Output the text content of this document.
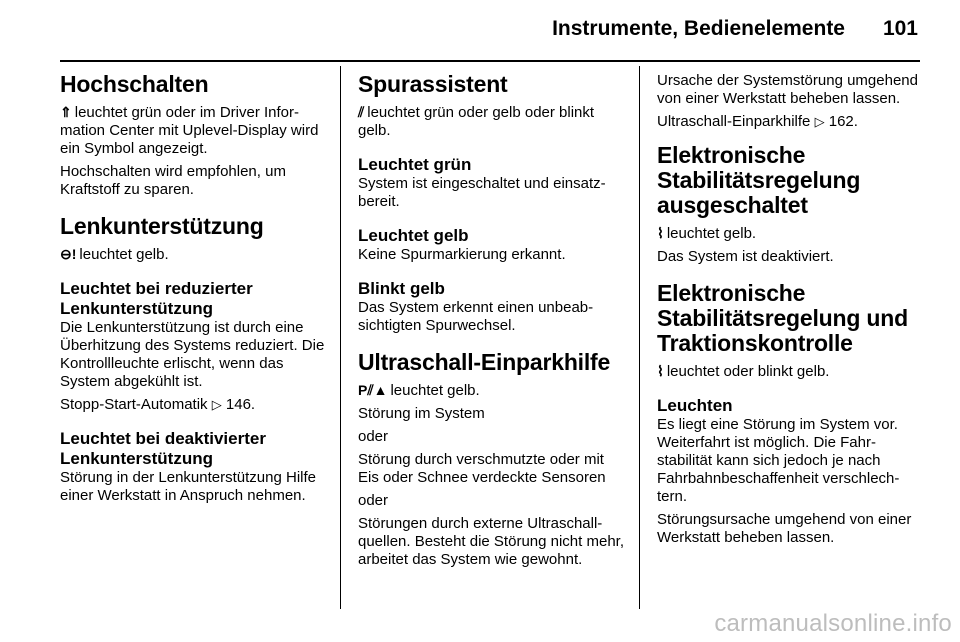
Instrumente, Bedienelemente 101
Hochschalten

⇑ leuchtet grün oder im Driver Information Center mit Uplevel-Display wird ein Symbol angezeigt.

Hochschalten wird empfohlen, um Kraftstoff zu sparen.

Lenkunterstützung

⊖! leuchtet gelb.

Leuchtet bei reduzierter Lenkunterstützung

Die Lenkunterstützung ist durch eine Überhitzung des Systems reduziert. Die Kontrollleuchte erlischt, wenn das System abgekühlt ist.

Stopp-Start-Automatik ▷ 146.

Leuchtet bei deaktivierter Lenkunterstützung

Störung in der Lenkunterstützung Hilfe einer Werkstatt in Anspruch nehmen.

Spurassistent

⫽ leuchtet grün oder gelb oder blinkt gelb.

Leuchtet grün

System ist eingeschaltet und einsatzbereit.

Leuchtet gelb

Keine Spurmarkierung erkannt.

Blinkt gelb

Das System erkennt einen unbeabsichtigten Spurwechsel.

Ultraschall-Einparkhilfe

P⫽▲ leuchtet gelb.

Störung im System

oder

Störung durch verschmutzte oder mit Eis oder Schnee verdeckte Sensoren

oder

Störungen durch externe Ultraschallquellen. Besteht die Störung nicht mehr, arbeitet das System wie gewohnt.

Ursache der Systemstörung umgehend von einer Werkstatt beheben lassen.

Ultraschall-Einparkhilfe ▷ 162.

Elektronische Stabilitätsregelung ausgeschaltet

⌇ leuchtet gelb.

Das System ist deaktiviert.

Elektronische Stabilitätsregelung und Traktionskontrolle

⌇ leuchtet oder blinkt gelb.

Leuchten

Es liegt eine Störung im System vor. Weiterfahrt ist möglich. Die Fahrstabilität kann sich jedoch je nach Fahrbahnbeschaffenheit verschlechtern.

Störungsursache umgehend von einer Werkstatt beheben lassen.

carmanualsonline.info
